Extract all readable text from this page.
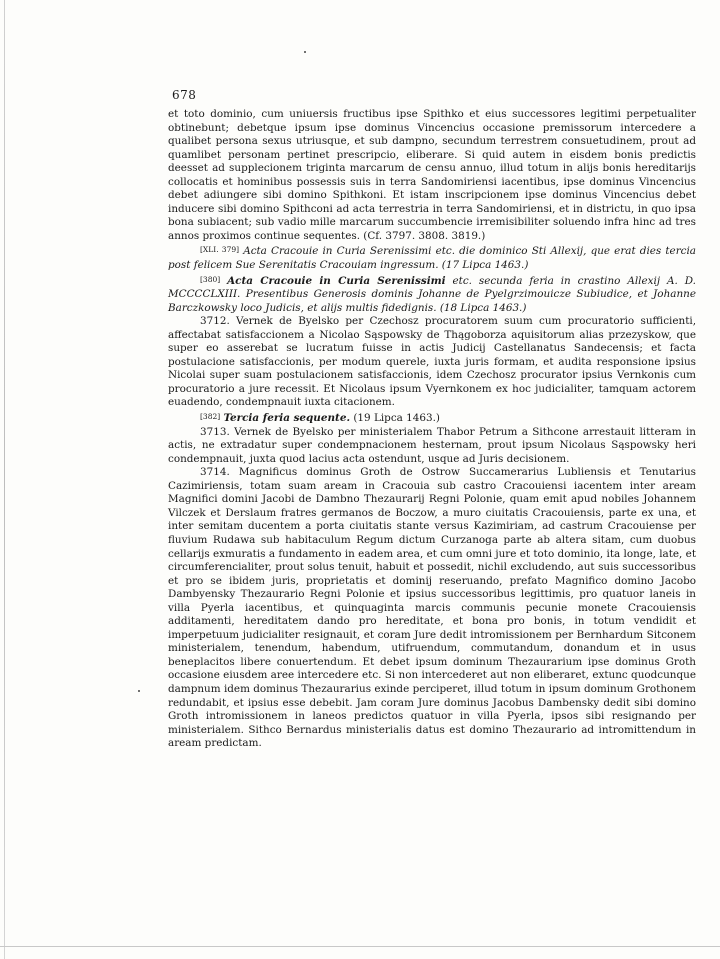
678

et toto dominio, cum uniuersis fructibus ipse Spithko et eius successores legitimi perpetualiter obtinebunt; debetque ipsum ipse dominus Vincencius occasione premissorum intercedere a qualibet persona sexus utriusque, et sub dampno, secundum terrestrem consuetudinem, prout ad quamlibet personam pertinet prescripcio, eliberare. Si quid autem in eisdem bonis predictis deesset ad supplecionem triginta marcarum de censu annuo, illud totum in alijs bonis hereditarijs collocatis et hominibus possessis suis in terra Sandomiriensi iacentibus, ipse dominus Vincencius debet adiungere sibi domino Spithkoni. Et istam inscripcionem ipse dominus Vincencius debet inducere sibi domino Spithconi ad acta terrestria in terra Sandomiriensi, et in districtu, in quo ipsa bona subiacent; sub vadio mille marcarum succumbencie irremisibiliter soluendo infra hinc ad tres annos proximos continue sequentes. (Cf. 3797. 3808. 3819.)

[XLI. 379] Acta Cracouie in Curia Serenissimi etc. die dominico Sti Allexij, que erat dies tercia post felicem Sue Serenitatis Cracouiam ingressum. (17 Lipca 1463.)

[380] Acta Cracouie in Curia Serenissimi etc. secunda feria in crastino Allexij A. D. MCCCCLXIII. Presentibus Generosis dominis Johanne de Pyelgrzimouicze Subiudice, et Johanne Barczkowsky loco Judicis, et alijs multis fidedignis. (18 Lipca 1463.)

3712. Vernek de Byelsko per Czechosz procuratorem suum cum procuratorio sufficienti, affectabat satisfaccionem a Nicolao Sąspowsky de Thągoborza aquisitorum alias przezyskow, que super eo asserebat se lucratum fuisse in actis Judicij Castellanatus Sandecensis; et facta postulacione satisfaccionis, per modum querele, iuxta juris formam, et audita responsione ipsius Nicolai super suam postulacionem satisfaccionis, idem Czechosz procurator ipsius Vernkonis cum procuratorio a jure recessit. Et Nicolaus ipsum Vyernkonem ex hoc judicialiter, tamquam actorem euadendo, condempnauit iuxta citacionem.

[382] Tercia feria sequente. (19 Lipca 1463.)

3713. Vernek de Byelsko per ministerialem Thabor Petrum a Sithcone arrestauit litteram in actis, ne extradatur super condempnacionem hesternam, prout ipsum Nicolaus Sąspowsky heri condempnauit, juxta quod lacius acta ostendunt, usque ad Juris decisionem.

3714. Magnificus dominus Groth de Ostrow Succamerarius Lubliensis et Tenutarius Cazimiriensis, totam suam aream in Cracouia sub castro Cracouiensi iacentem inter aream Magnifici domini Jacobi de Dambno Thezaurarij Regni Polonie, quam emit apud nobiles Johannem Vilczek et Derslaum fratres germanos de Boczow, a muro ciuitatis Cracouiensis, parte ex una, et inter semitam ducentem a porta ciuitatis stante versus Kazimiriam, ad castrum Cracouiense per fluvium Rudawa sub habitaculum Regum dictum Curzanoga parte ab altera sitam, cum duobus cellarijs exmuratis a fundamento in eadem area, et cum omni jure et toto dominio, ita longe, late, et circumferencialiter, prout solus tenuit, habuit et possedit, nichil excludendo, aut suis successoribus et pro se ibidem juris, proprietatis et dominij reseruando, prefato Magnifico domino Jacobo Dambyensky Thezaurario Regni Polonie et ipsius successoribus legittimis, pro quatuor laneis in villa Pyerla iacentibus, et quinquaginta marcis communis pecunie monete Cracouiensis additamenti, hereditatem dando pro hereditate, et bona pro bonis, in totum vendidit et imperpetuum judicialiter resignauit, et coram Jure dedit intromissionem per Bernhardum Sitconem ministerialem, tenendum, habendum, utifruendum, commutandum, donandum et in usus beneplacitos libere conuertendum. Et debet ipsum dominum Thezaurarium ipse dominus Groth occasione eiusdem aree intercedere etc. Si non intercederet aut non eliberaret, extunc quodcunque dampnum idem dominus Thezaurarius exinde perciperet, illud totum in ipsum dominum Grothonem redundabit, et ipsius esse debebit. Jam coram Jure dominus Jacobus Dambensky dedit sibi domino Groth intromissionem in laneos predictos quatuor in villa Pyerla, ipsos sibi resignando per ministerialem. Sithco Bernardus ministerialis datus est domino Thezaurario ad intromittendum in aream predictam.
